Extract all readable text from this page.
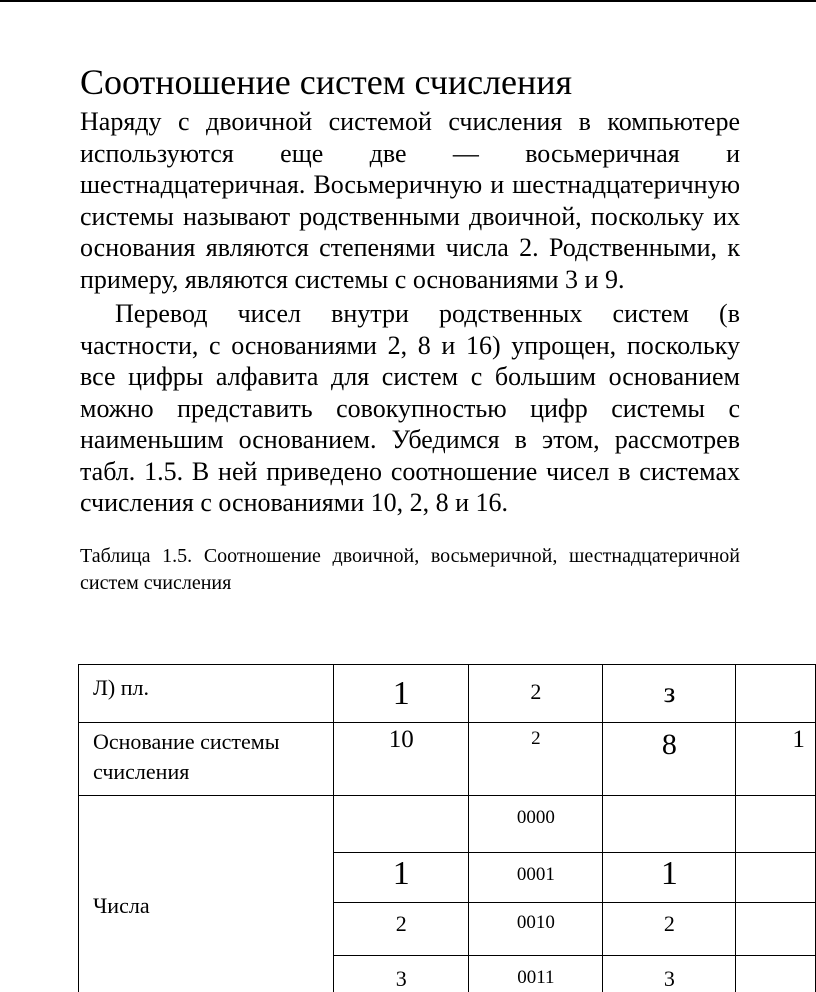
Соотношение систем счисления

Наряду с двоичной системой счисления в компьютере используются еще две — восьмеричная и шестнадцатеричная. Восьмеричную и шестнадцатеричную системы называют родственными двоичной, поскольку их основания являются степенями числа 2. Родственными, к примеру, являются системы с основаниями 3 и 9.

Перевод чисел внутри родственных систем (в частности, с основаниями 2, 8 и 16) упрощен, поскольку все цифры алфавита для систем с большим основанием можно представить совокупностью цифр системы с наименьшим основанием. Убедимся в этом, рассмотрев табл. 1.5. В ней приведено соотношение чисел в системах счисления с основаниями 10, 2, 8 и 16.

Таблица 1.5. Соотношение двоичной, восьмеричной, шестнадцатеричной систем счисления

Л) пл.	1	2	з	

Основание системы счисления	10	2	8	1

Числа		0000		

	1	0001	1	

	2	0010	2	

	3	0011	3	
